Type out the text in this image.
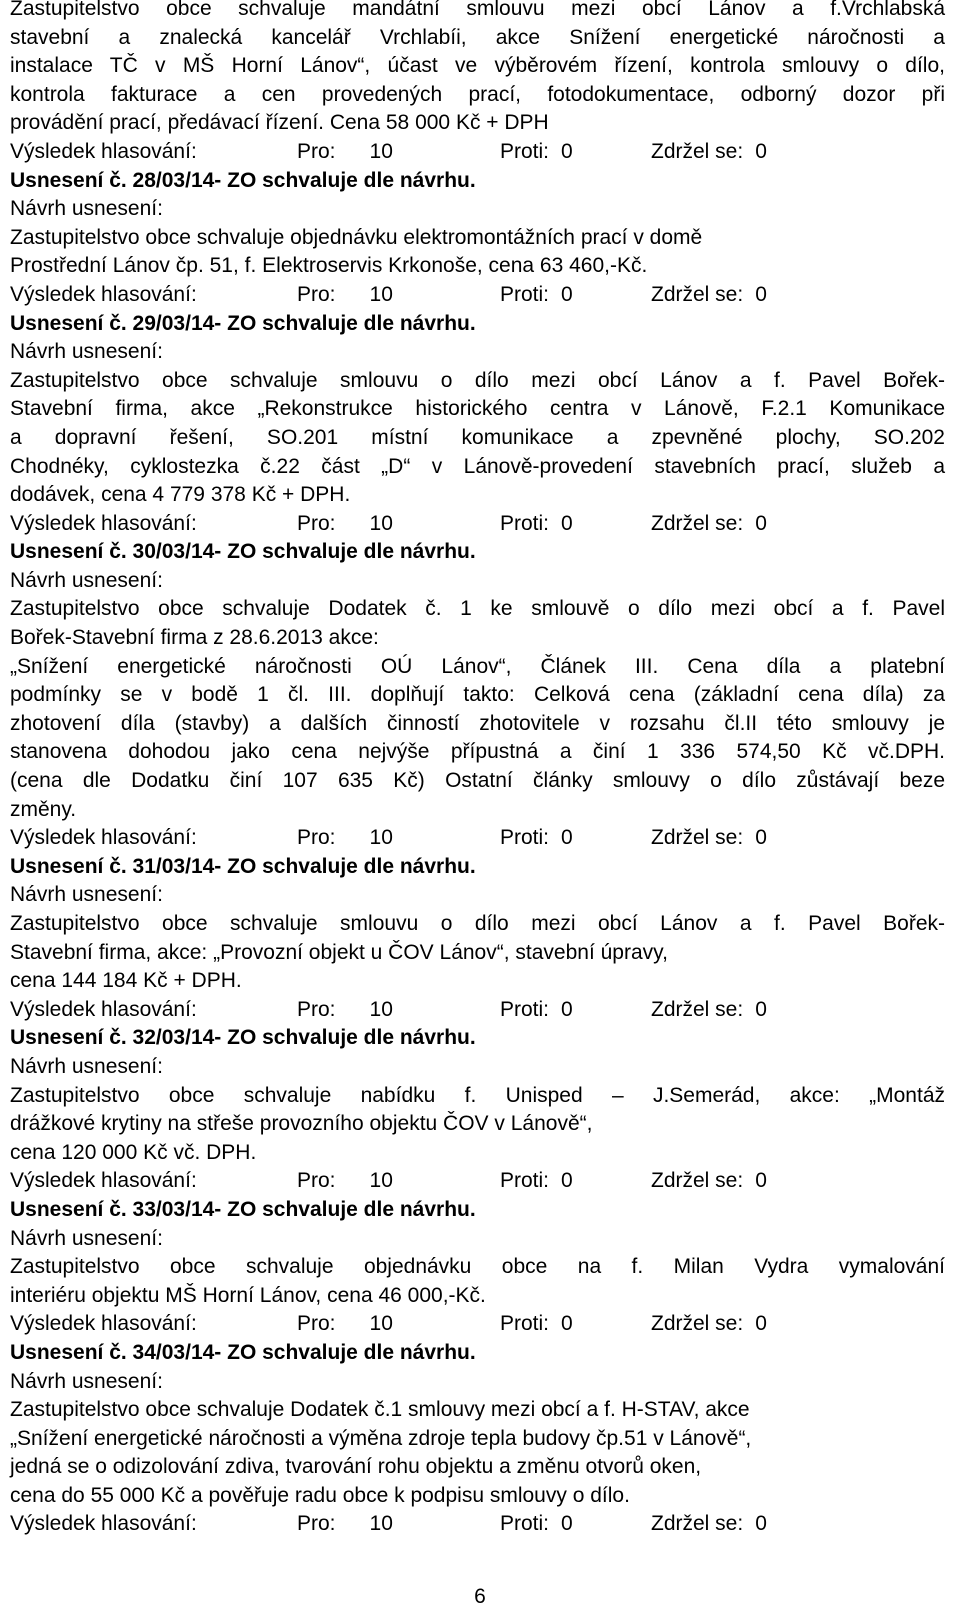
Zastupitelstvo obce schvaluje mandátní smlouvu mezi obcí Lánov a f.Vrchlabská
stavební a znalecká kancelář Vrchlabíi, akce Snížení energetické náročnosti a
instalace TČ v MŠ Horní Lánov“, účast ve výběrovém řízení, kontrola smlouvy o dílo,
kontrola fakturace a cen provedených prací, fotodokumentace, odborný dozor při
provádění prací, předávací řízení. Cena 58 000 Kč + DPH
Výsledek hlasování:	Pro: 10	Proti: 0	Zdržel se: 0
Usnesení č. 28/03/14- ZO schvaluje dle návrhu.
Návrh usnesení:
Zastupitelstvo obce schvaluje objednávku elektromontážních prací v domě
Prostřední Lánov čp. 51, f. Elektroservis Krkonoše, cena 63 460,-Kč.
Výsledek hlasování:	Pro: 10	Proti: 0	Zdržel se: 0
Usnesení č. 29/03/14- ZO schvaluje dle návrhu.
Návrh usnesení:
Zastupitelstvo obce schvaluje smlouvu o dílo mezi obcí Lánov a f. Pavel Bořek-
Stavební firma, akce „Rekonstrukce historického centra v Lánově, F.2.1 Komunikace
a dopravní řešení, SO.201 místní komunikace a zpevněné plochy, SO.202
Chodnéky, cyklostezka č.22 část „D“ v Lánově-provedení stavebních prací, služeb a
dodávek, cena 4 779 378 Kč + DPH.
Výsledek hlasování:	Pro: 10	Proti: 0	Zdržel se: 0
Usnesení č. 30/03/14- ZO schvaluje dle návrhu.
Návrh usnesení:
Zastupitelstvo obce schvaluje Dodatek č. 1 ke smlouvě o dílo mezi obcí a f. Pavel
Bořek-Stavební firma z 28.6.2013 akce:
„Snížení energetické náročnosti OÚ Lánov“, Článek III. Cena díla a platební
podmínky se v bodě 1 čl. III. doplňují takto: Celková cena (základní cena díla) za
zhotovení díla (stavby) a dalších činností zhotovitele v rozsahu čl.II této smlouvy je
stanovena dohodou jako cena nejvýše přípustná a činí 1 336 574,50 Kč vč.DPH.
(cena dle Dodatku činí 107 635 Kč) Ostatní články smlouvy o dílo zůstávají beze
změny.
Výsledek hlasování:	Pro: 10	Proti: 0	Zdržel se: 0
Usnesení č. 31/03/14- ZO schvaluje dle návrhu.
Návrh usnesení:
Zastupitelstvo obce schvaluje smlouvu o dílo mezi obcí Lánov a f. Pavel Bořek-
Stavební firma, akce: „Provozní objekt u ČOV Lánov“, stavební úpravy,
cena 144 184 Kč + DPH.
Výsledek hlasování:	Pro: 10	Proti: 0	Zdržel se: 0
Usnesení č. 32/03/14- ZO schvaluje dle návrhu.
Návrh usnesení:
Zastupitelstvo obce schvaluje nabídku f. Unisped – J.Semerád, akce: „Montáž
drážkové krytiny na střeše provozního objektu ČOV v Lánově“,
cena 120 000 Kč vč. DPH.
Výsledek hlasování:	Pro: 10	Proti: 0	Zdržel se: 0
Usnesení č. 33/03/14- ZO schvaluje dle návrhu.
Návrh usnesení:
Zastupitelstvo obce schvaluje objednávku obce na f. Milan Vydra vymalování
interiéru objektu MŠ Horní Lánov, cena 46 000,-Kč.
Výsledek hlasování:	Pro: 10	Proti: 0	Zdržel se: 0
Usnesení č. 34/03/14- ZO schvaluje dle návrhu.
Návrh usnesení:
Zastupitelstvo obce schvaluje Dodatek č.1 smlouvy mezi obcí a f. H-STAV, akce
„Snížení energetické náročnosti a výměna zdroje tepla budovy čp.51 v Lánově“,
jedná se o odizolování zdiva, tvarování rohu objektu a změnu otvorů oken,
cena do 55 000 Kč a pověřuje radu obce k podpisu smlouvy o dílo.
Výsledek hlasování:	Pro: 10	Proti: 0	Zdržel se: 0
6
